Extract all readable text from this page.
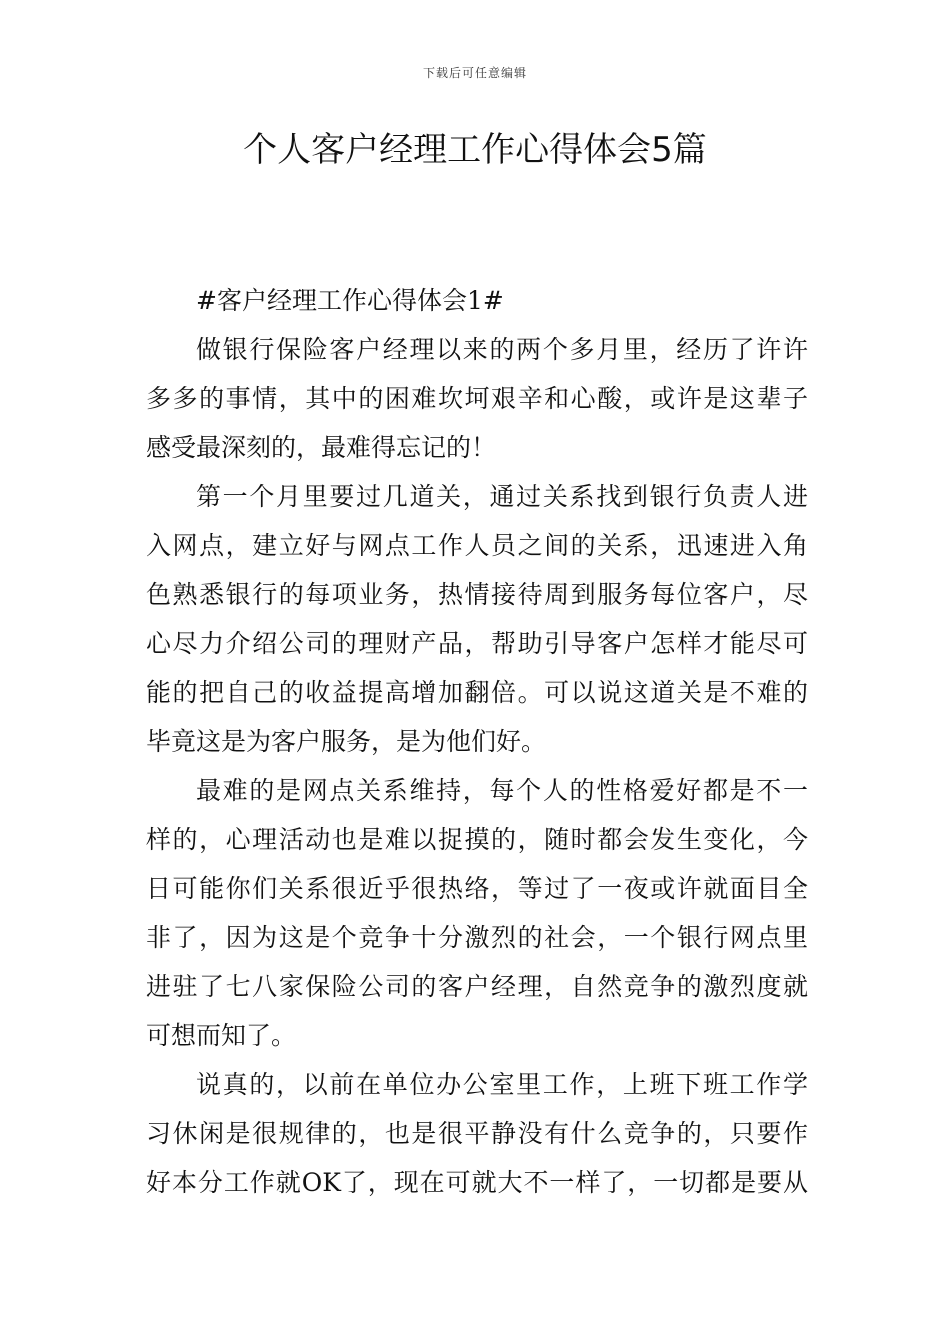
下载后可任意编辑
个人客户经理工作心得体会5篇

#客户经理工作心得体会1#

做银行保险客户经理以来的两个多月里，经历了许许
多多的事情，其中的困难坎坷艰辛和心酸，或许是这辈子
感受最深刻的，最难得忘记的！
第一个月里要过几道关，通过关系找到银行负责人进
入网点，建立好与网点工作人员之间的关系，迅速进入角
色熟悉银行的每项业务，热情接待周到服务每位客户，尽
心尽力介绍公司的理财产品，帮助引导客户怎样才能尽可
能的把自己的收益提高增加翻倍。可以说这道关是不难的
毕竟这是为客户服务，是为他们好。
最难的是网点关系维持，每个人的性格爱好都是不一
样的，心理活动也是难以捉摸的，随时都会发生变化，今
日可能你们关系很近乎很热络，等过了一夜或许就面目全
非了，因为这是个竞争十分激烈的社会，一个银行网点里
进驻了七八家保险公司的客户经理，自然竞争的激烈度就
可想而知了。
说真的，以前在单位办公室里工作，上班下班工作学
习休闲是很规律的，也是很平静没有什么竞争的，只要作
好本分工作就OK了，现在可就大不一样了，一切都是要从
